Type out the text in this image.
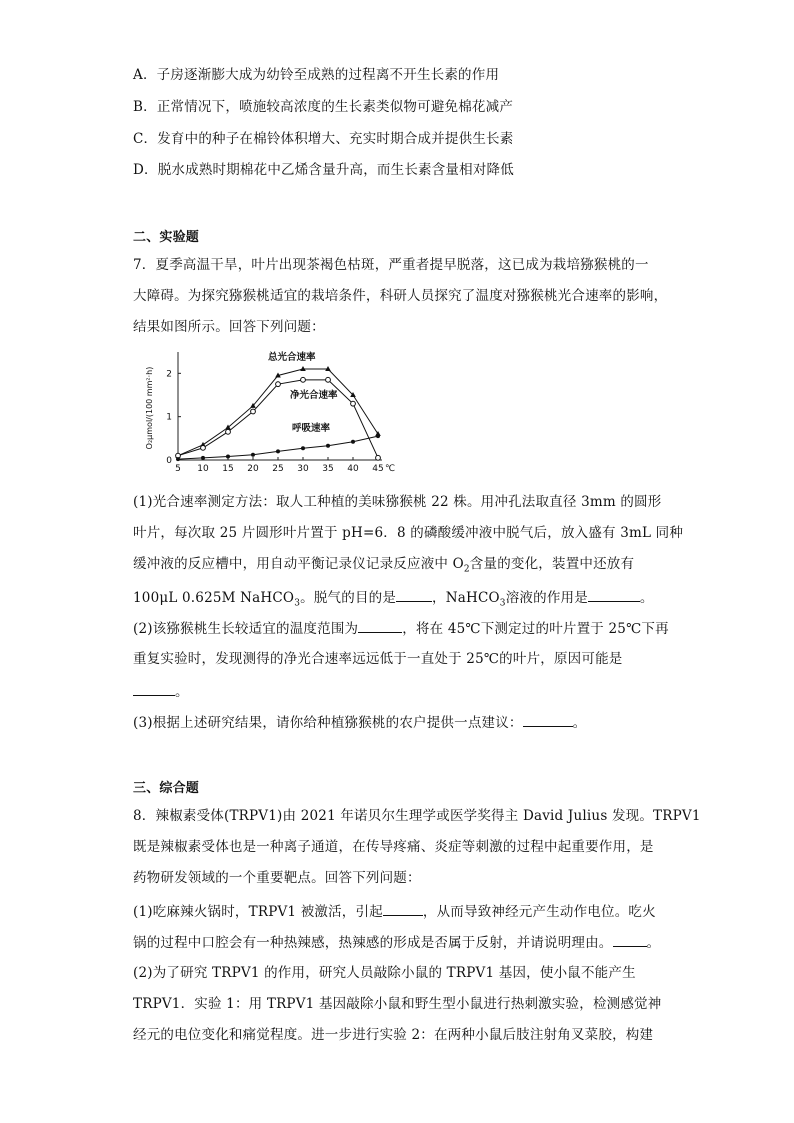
A．子房逐渐膨大成为幼铃至成熟的过程离不开生长素的作用
B．正常情况下，喷施较高浓度的生长素类似物可避免棉花减产
C．发育中的种子在棉铃体积增大、充实时期合成并提供生长素
D．脱水成熟时期棉花中乙烯含量升高，而生长素含量相对降低
二、实验题
7．夏季高温干旱，叶片出现茶褐色枯斑，严重者提早脱落，这已成为栽培猕猴桃的一
大障碍。为探究猕猴桃适宜的栽培条件，科研人员探究了温度对猕猴桃光合速率的影响，
结果如图所示。回答下列问题：
5 10 15 20 25 30 35 40 45 ℃
0
1
2
O₂μmol/(100 mm²·h)
总光合速率
净光合速率
呼吸速率
(1)光合速率测定方法：取人工种植的美味猕猴桃 22 株。用冲孔法取直径 3mm 的圆形
叶片，每次取 25 片圆形叶片置于 pH=6．8 的磷酸缓冲液中脱气后，放入盛有 3mL 同种
缓冲液的反应槽中，用自动平衡记录仪记录反应液中 $O_2$含量的变化，装置中还放有
100μL 0.625M NaHCO$_3$。脱气的目的是	，NaHCO$_3$溶液的作用是	。
(2)该猕猴桃生长较适宜的温度范围为	，将在 45℃下测定过的叶片置于 25℃下再
重复实验时，发现测得的净光合速率远远低于一直处于 25℃的叶片，原因可能是
。
(3)根据上述研究结果，请你给种植猕猴桃的农户提供一点建议：	。
三、综合题
8．辣椒素受体(TRPV1)由 2021 年诺贝尔生理学或医学奖得主 David Julius 发现。TRPV1
既是辣椒素受体也是一种离子通道，在传导疼痛、炎症等刺激的过程中起重要作用，是
药物研发领域的一个重要靶点。回答下列问题：
(1)吃麻辣火锅时，TRPV1 被激活，引起	，从而导致神经元产生动作电位。吃火
锅的过程中口腔会有一种热辣感，热辣感的形成是否属于反射，并请说明理由。	。
(2)为了研究 TRPV1 的作用，研究人员敲除小鼠的 TRPV1 基因，使小鼠不能产生
TRPV1．实验 1：用 TRPV1 基因敲除小鼠和野生型小鼠进行热刺激实验，检测感觉神
经元的电位变化和痛觉程度。进一步进行实验 2：在两种小鼠后肢注射角叉菜胶，构建
